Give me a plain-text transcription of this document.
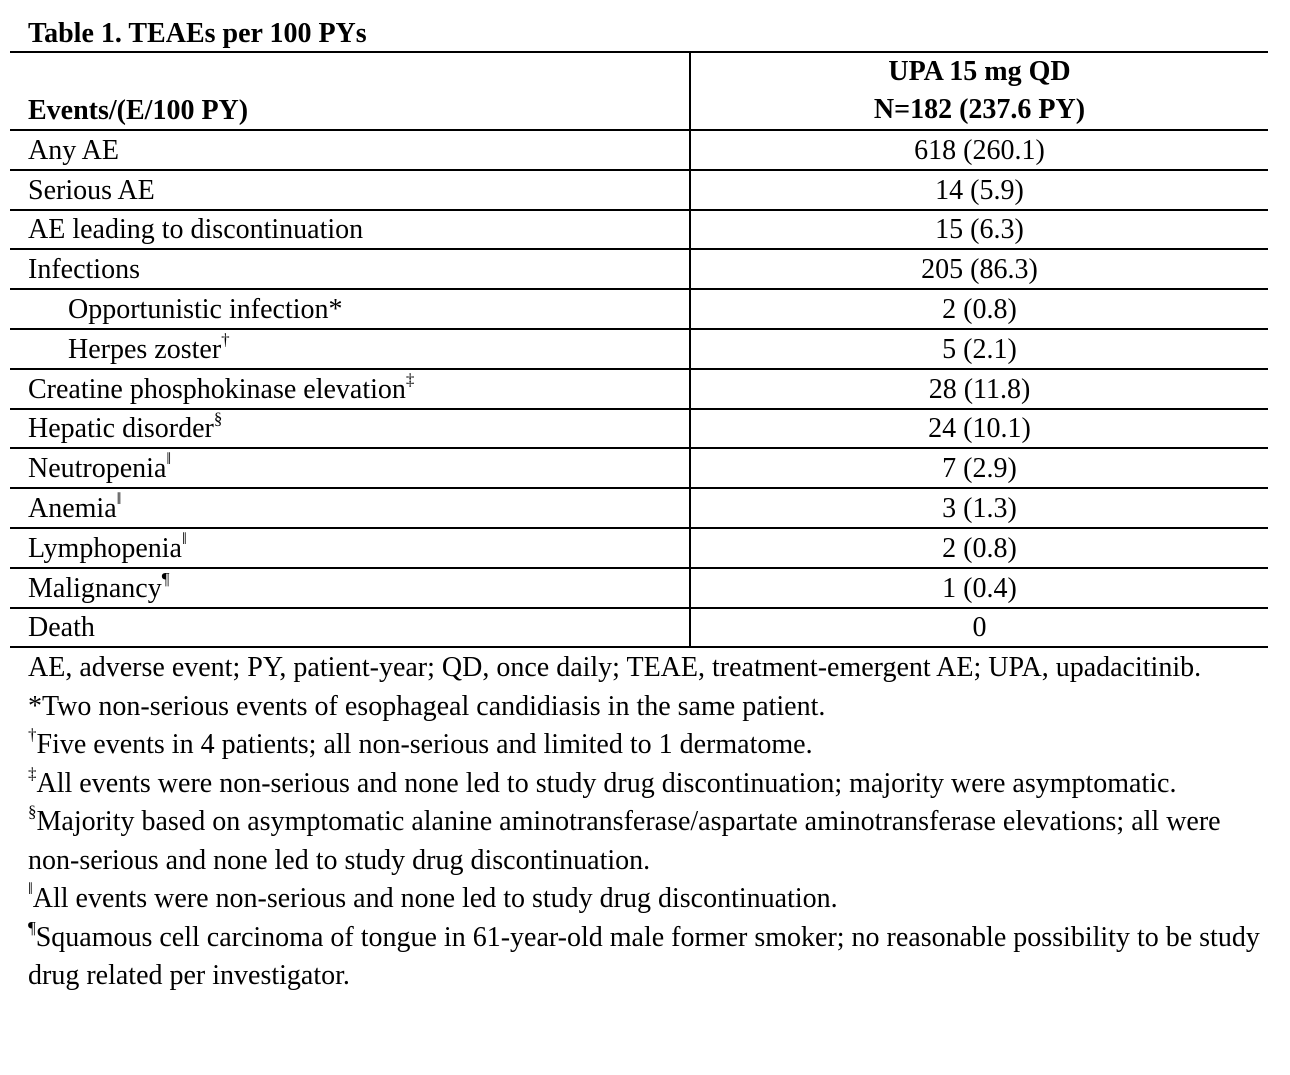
Table 1. TEAEs per 100 PYs
Events/(E/100 PY)	UPA 15 mg QD
N=182 (237.6 PY)

Any AE	618 (260.1)
Serious AE	14 (5.9)
AE leading to discontinuation	15 (6.3)
Infections	205 (86.3)
Opportunistic infection*	2 (0.8)
Herpes zoster†	5 (2.1)
Creatine phosphokinase elevation‡	28 (11.8)
Hepatic disorder§	24 (10.1)
Neutropenia‖	7 (2.9)
Anemia‖	3 (1.3)
Lymphopenia‖	2 (0.8)
Malignancy¶	1 (0.4)
Death	0

AE, adverse event; PY, patient-year; QD, once daily; TEAE, treatment-emergent AE; UPA, upadacitinib.

*Two non-serious events of esophageal candidiasis in the same patient.

†Five events in 4 patients; all non-serious and limited to 1 dermatome.

‡All events were non-serious and none led to study drug discontinuation; majority were asymptomatic.

§Majority based on asymptomatic alanine aminotransferase/aspartate aminotransferase elevations; all were non-serious and none led to study drug discontinuation.

‖All events were non-serious and none led to study drug discontinuation.

¶Squamous cell carcinoma of tongue in 61-year-old male former smoker; no reasonable possibility to be study drug related per investigator.
